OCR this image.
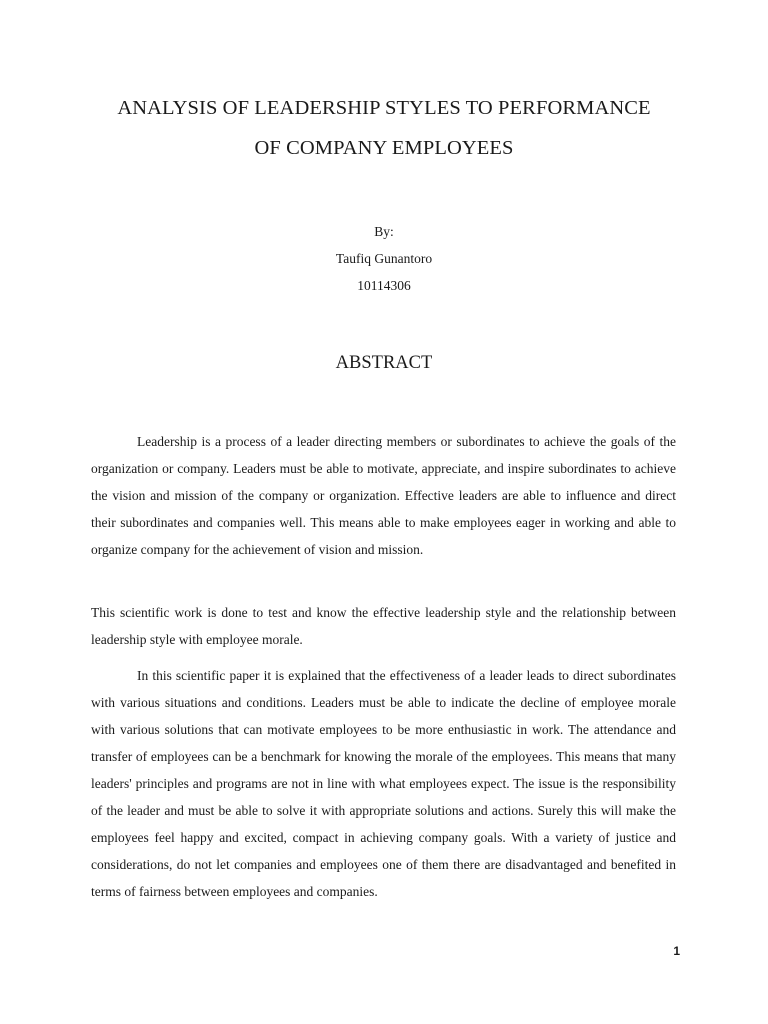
ANALYSIS OF LEADERSHIP STYLES TO PERFORMANCE
OF COMPANY EMPLOYEES
By:
Taufiq Gunantoro
10114306
ABSTRACT

Leadership is a process of a leader directing members or subordinates to achieve the goals of the organization or company. Leaders must be able to motivate, appreciate, and inspire subordinates to achieve the vision and mission of the company or organization. Effective leaders are able to influence and direct their subordinates and companies well. This means able to make employees eager in working and able to organize company for the achievement of vision and mission.

This scientific work is done to test and know the effective leadership style and the relationship between leadership style with employee morale.

In this scientific paper it is explained that the effectiveness of a leader leads to direct subordinates with various situations and conditions. Leaders must be able to indicate the decline of employee morale with various solutions that can motivate employees to be more enthusiastic in work. The attendance and transfer of employees can be a benchmark for knowing the morale of the employees. This means that many leaders' principles and programs are not in line with what employees expect. The issue is the responsibility of the leader and must be able to solve it with appropriate solutions and actions. Surely this will make the employees feel happy and excited, compact in achieving company goals. With a variety of justice and considerations, do not let companies and employees one of them there are disadvantaged and benefited in terms of fairness between employees and companies.

1
